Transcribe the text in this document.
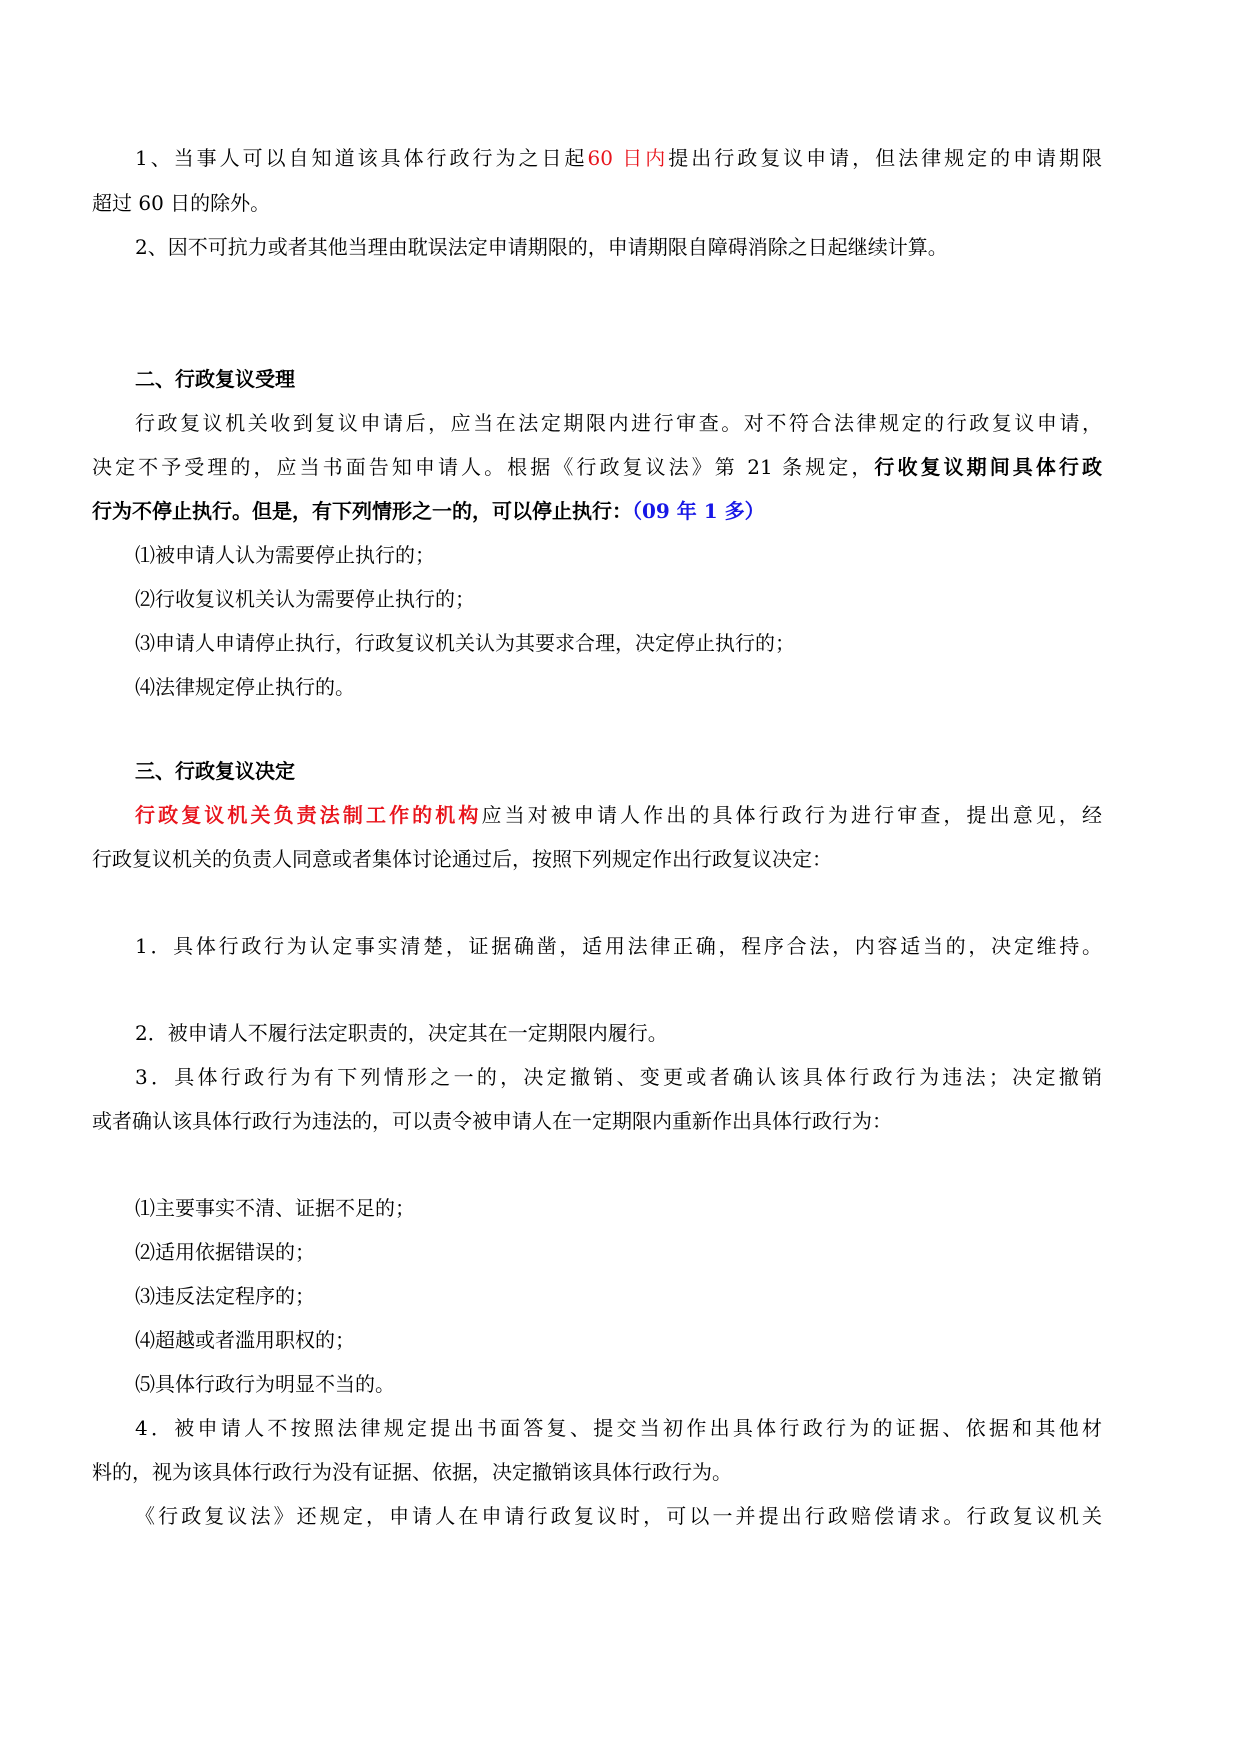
1、当事人可以自知道该具体行政行为之日起60 日内提出行政复议申请，但法律规定的申请期限
超过 60 日的除外。
2、因不可抗力或者其他当理由耽误法定申请期限的，申请期限自障碍消除之日起继续计算。
二、行政复议受理
行政复议机关收到复议申请后，应当在法定期限内进行审查。对不符合法律规定的行政复议申请，
决定不予受理的，应当书面告知申请人。根据《行政复议法》第 21 条规定，行收复议期间具体行政
行为不停止执行。但是，有下列情形之一的，可以停止执行：（09 年 1 多）
⑴被申请人认为需要停止执行的；
⑵行收复议机关认为需要停止执行的；
⑶申请人申请停止执行，行政复议机关认为其要求合理，决定停止执行的；
⑷法律规定停止执行的。
三、行政复议决定
行政复议机关负责法制工作的机构应当对被申请人作出的具体行政行为进行审查，提出意见，经
行政复议机关的负责人同意或者集体讨论通过后，按照下列规定作出行政复议决定：
1．具体行政行为认定事实清楚，证据确凿，适用法律正确，程序合法，内容适当的，决定维持。
2．被申请人不履行法定职责的，决定其在一定期限内履行。
3．具体行政行为有下列情形之一的，决定撤销、变更或者确认该具体行政行为违法；决定撤销
或者确认该具体行政行为违法的，可以责令被申请人在一定期限内重新作出具体行政行为：
⑴主要事实不清、证据不足的；
⑵适用依据错误的；
⑶违反法定程序的；
⑷超越或者滥用职权的；
⑸具体行政行为明显不当的。
4．被申请人不按照法律规定提出书面答复、提交当初作出具体行政行为的证据、依据和其他材
料的，视为该具体行政行为没有证据、依据，决定撤销该具体行政行为。
《行政复议法》还规定，申请人在申请行政复议时，可以一并提出行政赔偿请求。行政复议机关
